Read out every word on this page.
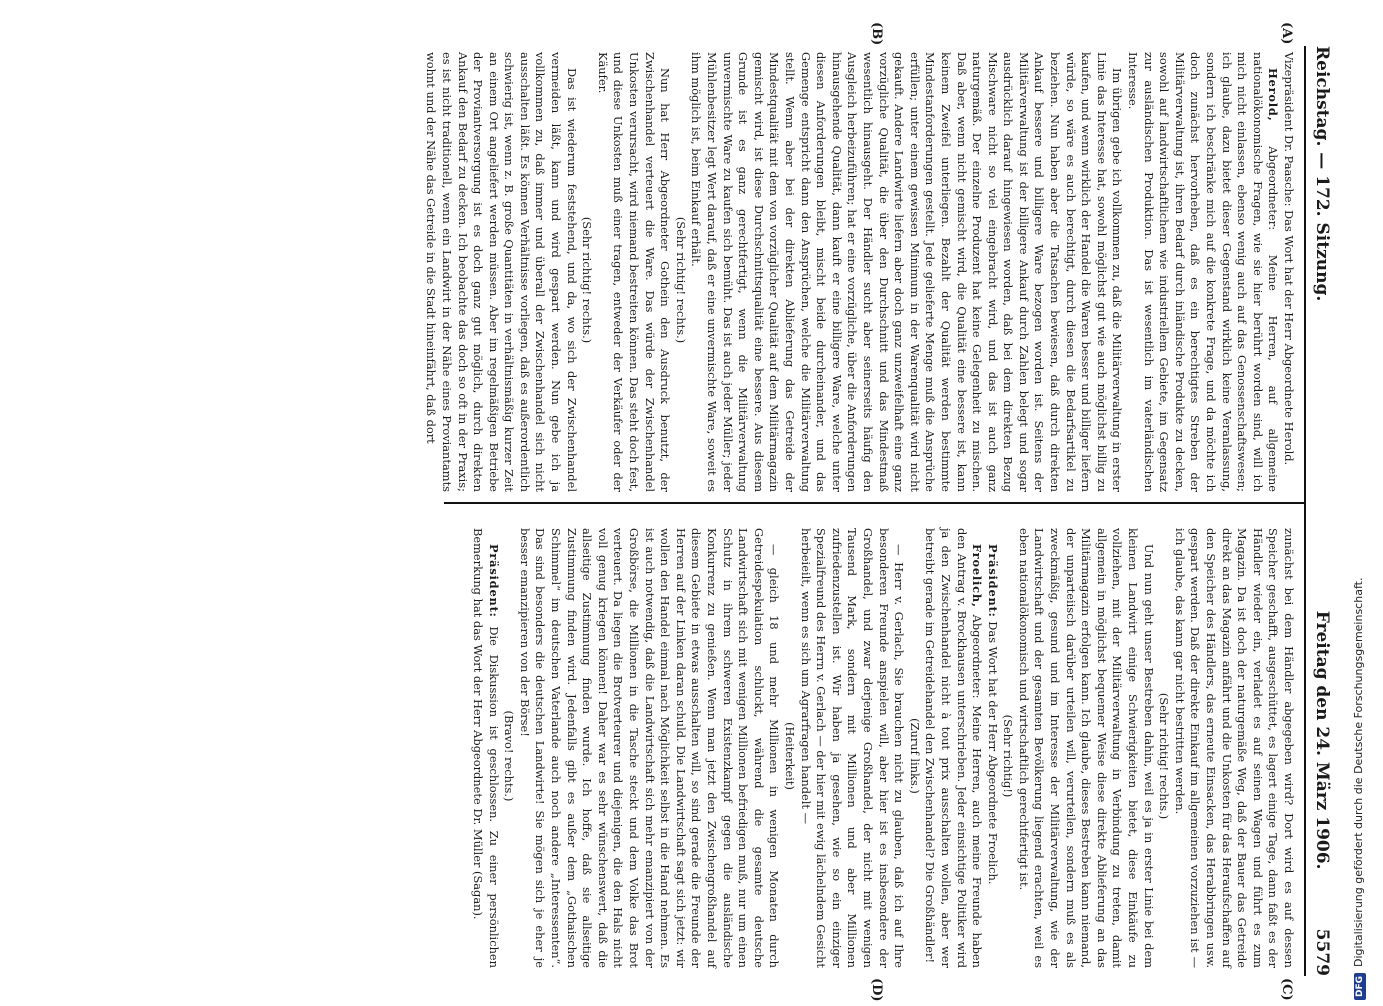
Reichstag. — 172. Sitzung.
Freitag den 24. März 1906.          5579
(A)
(B)
(C)
(D)

Vizepräsident Dr. Paasche: Das Wort hat der Herr Abgeordnete Herold.

Herold, Abgeordneter: Meine Herren, auf allgemeine nationalökonomische Fragen, wie sie hier berührt worden sind, will ich mich nicht einlassen, ebenso wenig auch auf das Genossenschaftswesen; ich glaube, dazu bietet dieser Gegenstand wirklich keine Veranlassung, sondern ich beschränke mich auf die konkrete Frage, und da möchte ich doch zunächst hervorheben, daß es ein berechtigtes Streben der Militärverwaltung ist, ihren Bedarf durch inländische Produkte zu decken, sowohl auf landwirtschaftlichem wie industriellem Gebiete, im Gegensatz zur ausländischen Produktion. Das ist wesentlich im vaterländischen Interesse.

Im übrigen gebe ich vollkommen zu, daß die Militärverwaltung in erster Linie das Interesse hat, sowohl möglichst gut wie auch möglichst billig zu kaufen, und wenn wirklich der Handel die Waren besser und billiger liefern würde, so wäre es auch berechtigt, durch diesen die Bedarfsartikel zu beziehen. Nun haben aber die Tatsachen bewiesen, daß durch direkten Ankauf bessere und billigere Ware bezogen worden ist. Seitens der Militärverwaltung ist der billigere Ankauf durch Zahlen belegt und sogar ausdrücklich darauf hingewiesen worden, daß bei dem direkten Bezug Mischware nicht so viel eingebracht wird, und das ist auch ganz naturgemäß. Der einzelne Produzent hat keine Gelegenheit zu mischen. Daß aber, wenn nicht gemischt wird, die Qualität eine bessere ist, kann keinem Zweifel unterliegen. Bezahlt der Qualität werden bestimmte Mindestanforderungen gestellt. Jede gelieferte Menge muß die Ansprüche erfüllen; unter einem gewissen Minimum in der Warenqualität wird nicht gekauft. Andere Landwirte liefern aber doch ganz unzweifelhaft eine ganz vorzügliche Qualität, die über den Durchschnitt und das Mindestmaß wesentlich hinausgeht. Der Händler sucht aber seinerseits häufig den Ausgleich herbeizuführen; hat er eine vorzügliche, über die Anforderungen hinausgehende Qualität, dann kauft er eine billigere Ware, welche unter diesen Anforderungen bleibt, mischt beide durcheinander, und das Gemenge entspricht dann den Ansprüchen, welche die Militärverwaltung stellt. Wenn aber bei der direkten Ablieferung das Getreide der Mindestqualität mit dem von vorzüglicher Qualität auf dem Militärmagazin gemischt wird, ist diese Durchschnittsqualität eine bessere. Aus diesem Grunde ist es ganz gerechtfertigt, wenn die Militärverwaltung unvermischte Ware zu kaufen sich bemüht. Das ist auch jeder Müller; jeder Mühlenbesitzer legt Wert darauf, daß er eine unvermischte Ware, soweit es ihm möglich ist, beim Einkauf erhält.

(Sehr richtig! rechts.)

Nun hat Herr Abgeordneter Gothein den Ausdruck benutzt, der Zwischenhandel verteuert die Ware. Das würde der Zwischenhandel Unkosten verursacht, wird niemand bestreiten können. Das steht doch fest, und diese Unkosten muß einer tragen, entweder der Verkäufer oder der Käufer.

(Sehr richtig! rechts.)

Das ist wiederum feststehend, und da, wo sich der Zwischenhandel vermeiden läßt, kann und wird gespart werden. Nun gebe ich ja vollkommen zu, daß immer und überall der Zwischenhandel sich nicht ausschalten läßt. Es können Verhältnisse vorliegen, daß es außerordentlich schwierig ist, wenn z. B. große Quantitäten in verhältnismäßig kurzer Zeit an einem Ort angeliefert werden müssen. Aber im regelmäßigen Betriebe der Proviantversorgung ist es doch ganz gut möglich, durch direkten Ankauf den Bedarf zu decken. Ich beobachte das doch so oft in der Praxis; es ist nicht traditionell, wenn ein Landwirt in der Nähe eines Proviantamts wohnt und der Nähe das Getreide in die Stadt hineinfährt, daß dort

zunächst bei dem Händler abgegeben wird? Dort wird es auf dessen Speicher geschafft, ausgeschüttet, es lagert einige Tage, dann faßt es der Händler wieder ein, verladet es auf seinen Wagen und führt es zum Magazin. Da ist doch der naturgemäße Weg, daß der Bauer das Getreide direkt an das Magazin anfährt und die Unkosten für das Heraufschaffen auf den Speicher des Händlers, das erneute Einsacken, das Herabbringen usw. gespart werden. Daß der direkte Einkauf im allgemeinen vorzuziehen ist — ich glaube, das kann gar nicht bestritten werden.

(Sehr richtig! rechts.)

Und nun geht unser Bestreben dahin, weil es ja in erster Linie bei dem kleinen Landwirt einige Schwierigkeiten bietet, diese Einkäufe zu vollziehen, mit der Militärverwaltung in Verbindung zu treten, damit allgemein in möglichst bequemer Weise diese direkte Ablieferung an das Militärmagazin erfolgen kann. Ich glaube, dieses Bestreben kann niemand, der unparteiisch darüber urteilen will, verurteilen, sondern muß es als zweckmäßig, gesund und im Interesse der Militärverwaltung, wie der Landwirtschaft und der gesamten Bevölkerung liegend erachten, weil es eben nationalökonomisch und wirtschaftlich gerechtfertigt ist.

(Sehr richtig!)

Präsident: Das Wort hat der Herr Abgeordnete Froelich.

Froelich, Abgeordneter: Meine Herren, auch meine Freunde haben den Antrag v. Brockhausen unterschrieben. Jeder einsichtige Politiker wird ja den Zwischenhandel nicht à tout prix ausschalten wollen, aber wer betreibt gerade im Getreidehandel den Zwischenhandel? Die Großhändler!

(Zuruf links.)

— Herr v. Gerlach, Sie brauchen nicht zu glauben, daß ich auf Ihre besonderen Freunde anspielen will, aber hier ist es insbesondere der Großhandel, und zwar derjenige Großhandel, der nicht mit wenigen Tausend Mark, sondern mit Millionen und aber Millionen zufriedenzustellen ist. Wir haben ja gesehen, wie so ein einziger Spezialfreund des Herrn v. Gerlach — der hier mit ewig lächelndem Gesicht herbeieilt, wenn es sich um Agrarfragen handelt —

(Heiterkeit)

— gleich 18 und mehr Millionen in wenigen Monaten durch Getreidespekulation schluckt, während die gesamte deutsche Landwirtschaft sich mit wenigen Millionen befriedigen muß, nur um einen Schutz in ihrem schweren Existenzkampf gegen die ausländische Konkurrenz zu genießen. Wenn man jetzt den Zwischengroßhandel auf diesem Gebiete in etwas ausschalten will, so sind gerade die Freunde der Herren auf der Linken daran schuld. Die Landwirtschaft sagt sich jetzt: wir wollen den Handel einmal nach Möglichkeit selbst in die Hand nehmen. Es ist auch notwendig, daß die Landwirtschaft sich mehr emanzipiert von der Großbörse, die Millionen in die Tasche steckt und dem Volke das Brot verteuert. Da liegen die Brotverteurer und diejenigen, die den Hals nicht voll genug kriegen können! Daher war es sehr wünschenswert, daß die allseitige Zustimmung finden wurde. Ich hoffe, daß sie allseitige Zustimmung finden wird. Jedenfalls gibt es außer dem „Gothaischen Schimmel“ im deutschen Vaterlande auch noch andere „Interessenten“. Das sind besonders die deutschen Landwirte! Sie mögen sich je eher je besser emanzipieren von der Börse!

(Bravo! rechts.)

Präsident: Die Diskussion ist geschlossen. Zu einer persönlichen Bemerkung hat das Wort der Herr Abgeordnete Dr. Müller (Sagan).

DFGDigitalisierung gefördert durch die Deutsche Forschungsgemeinschaft.
